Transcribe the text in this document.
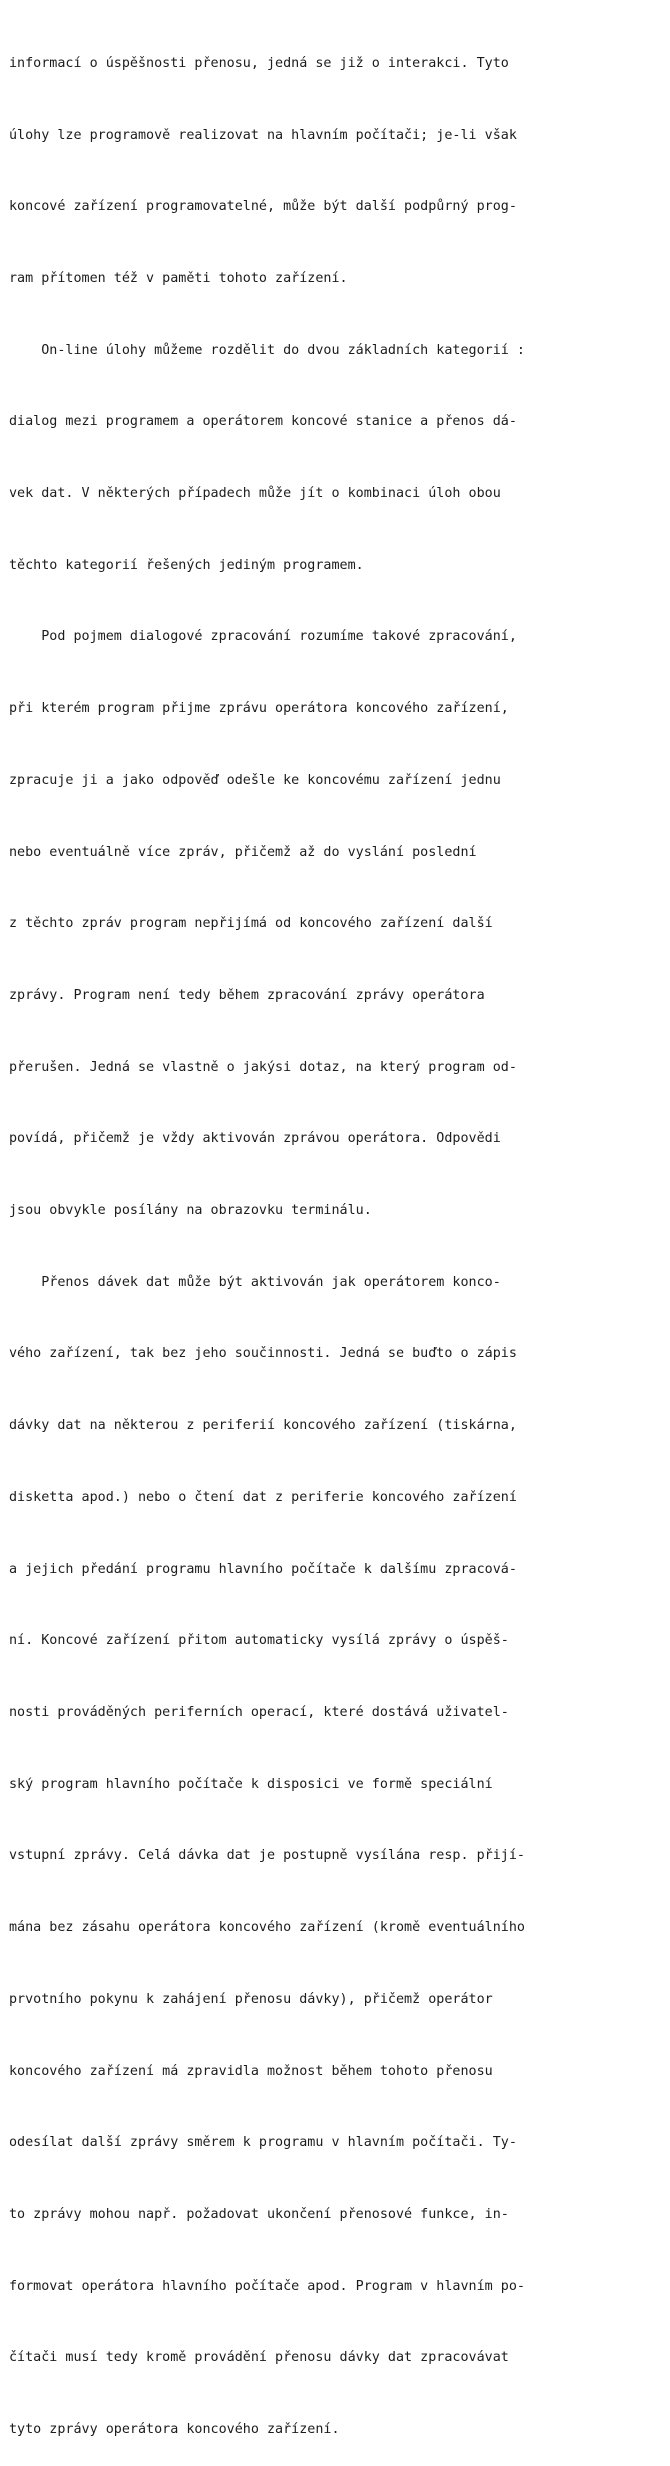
informací o úspěšnosti přenosu, jedná se již o interakci. Tyto

úlohy lze programově realizovat na hlavním počítači; je-li však

koncové zařízení programovatelné, může být další podpůrný prog-

ram přítomen též v paměti tohoto zařízení.

On-line úlohy můžeme rozdělit do dvou základních kategorií :

dialog mezi programem a operátorem koncové stanice a přenos dá-

vek dat. V některých případech může jít o kombinaci úloh obou

těchto kategorií řešených jediným programem.

Pod pojmem dialogové zpracování rozumíme takové zpracování,

při kterém program přijme zprávu operátora koncového zařízení,

zpracuje ji a jako odpověď odešle ke koncovému zařízení jednu

nebo eventuálně více zpráv, přičemž až do vyslání poslední

z těchto zpráv program nepřijímá od koncového zařízení další

zprávy. Program není tedy během zpracování zprávy operátora

přerušen. Jedná se vlastně o jakýsi dotaz, na který program od-

povídá, přičemž je vždy aktivován zprávou operátora. Odpovědi

jsou obvykle posílány na obrazovku terminálu.

Přenos dávek dat může být aktivován jak operátorem konco-

vého zařízení, tak bez jeho součinnosti. Jedná se buďto o zápis

dávky dat na některou z periferií koncového zařízení (tiskárna,

disketta apod.) nebo o čtení dat z periferie koncového zařízení

a jejich předání programu hlavního počítače k dalšímu zpracová-

ní. Koncové zařízení přitom automaticky vysílá zprávy o úspěš-

nosti prováděných periferních operací, které dostává uživatel-

ský program hlavního počítače k disposici ve formě speciální

vstupní zprávy. Celá dávka dat je postupně vysílána resp. přijí-

mána bez zásahu operátora koncového zařízení (kromě eventuálního

prvotního pokynu k zahájení přenosu dávky), přičemž operátor

koncového zařízení má zpravidla možnost během tohoto přenosu

odesílat další zprávy směrem k programu v hlavním počítači. Ty-

to zprávy mohou např. požadovat ukončení přenosové funkce, in-

formovat operátora hlavního počítače apod. Program v hlavním po-

čítači musí tedy kromě provádění přenosu dávky dat zpracovávat

tyto zprávy operátora koncového zařízení.
